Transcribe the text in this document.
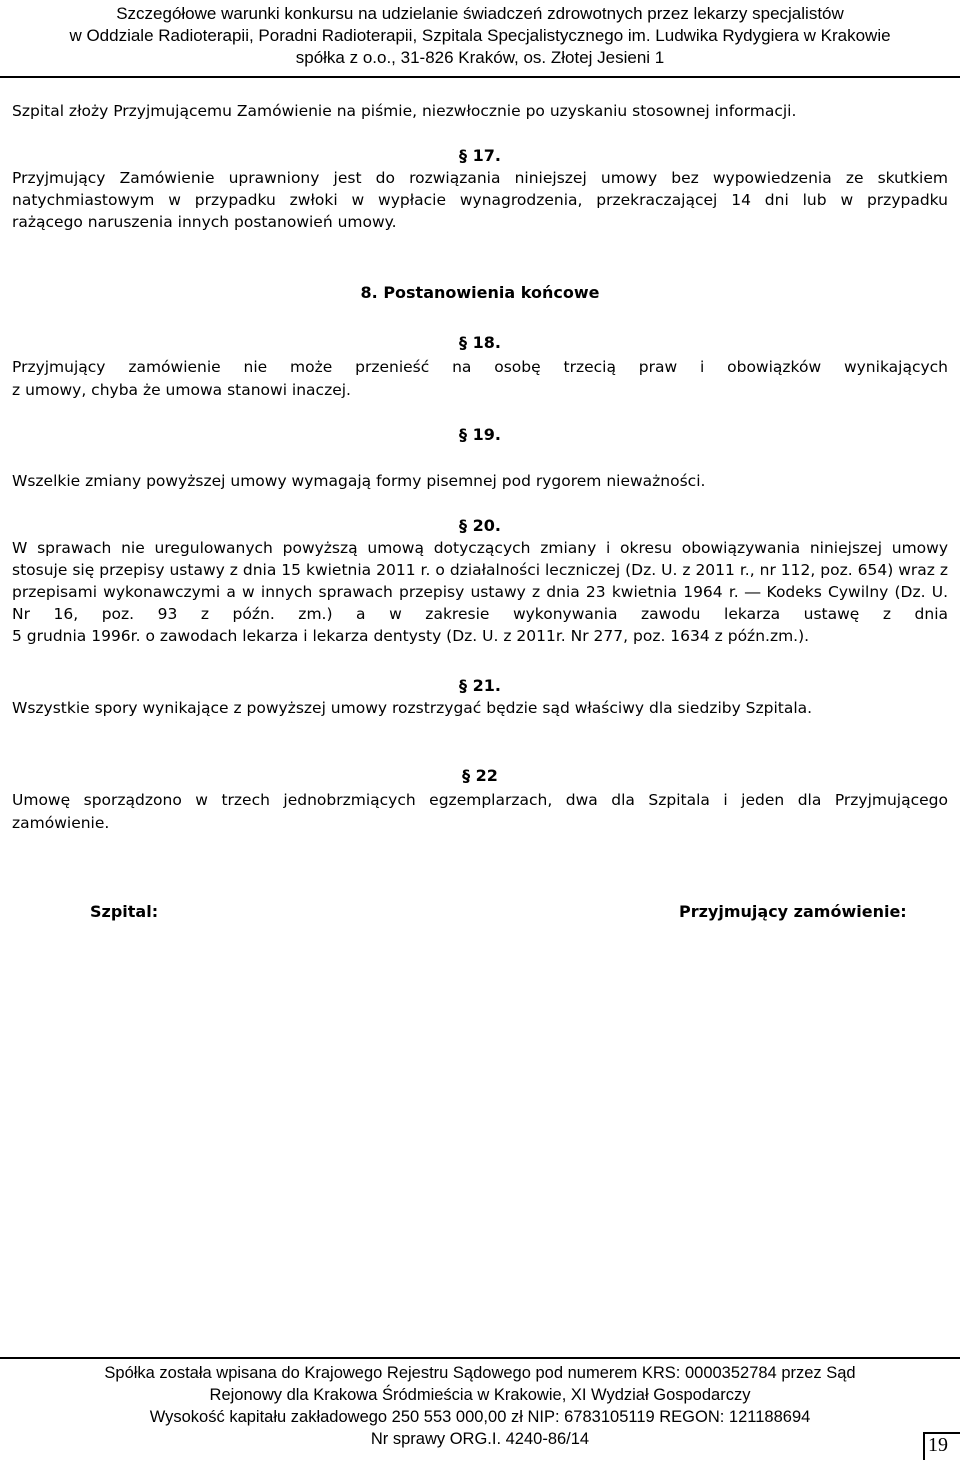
Szczegółowe warunki konkursu na udzielanie świadczeń zdrowotnych przez lekarzy specjalistów
w Oddziale Radioterapii, Poradni Radioterapii, Szpitala Specjalistycznego im. Ludwika Rydygiera w Krakowie
spółka z o.o., 31-826 Kraków, os. Złotej Jesieni 1
Szpital złoży Przyjmującemu Zamówienie na piśmie, niezwłocznie po uzyskaniu stosownej informacji.
§ 17.
Przyjmujący Zamówienie uprawniony jest do rozwiązania niniejszej umowy bez wypowiedzenia ze skutkiem natychmiastowym w przypadku zwłoki w wypłacie wynagrodzenia, przekraczającej 14 dni lub w przypadku
rażącego naruszenia innych postanowień umowy.
8. Postanowienia końcowe
§ 18.
Przyjmujący zamówienie nie może przenieść na osobę trzecią praw i obowiązków wynikających
z umowy, chyba że umowa stanowi inaczej.
§ 19.
Wszelkie zmiany powyższej umowy wymagają formy pisemnej pod rygorem nieważności.
§ 20.
W sprawach nie uregulowanych powyższą umową dotyczących zmiany i okresu obowiązywania niniejszej umowy stosuje się przepisy ustawy z dnia 15 kwietnia 2011 r. o działalności leczniczej (Dz. U. z 2011 r., nr 112, poz. 654) wraz z przepisami wykonawczymi a w innych sprawach przepisy ustawy z dnia 23 kwietnia 1964 r. ― Kodeks Cywilny (Dz. U. Nr 16, poz. 93 z późn. zm.) a w zakresie wykonywania zawodu lekarza ustawę z dnia
5 grudnia 1996r. o zawodach lekarza i lekarza dentysty (Dz. U. z 2011r. Nr 277, poz. 1634 z późn.zm.).
§ 21.
Wszystkie spory wynikające z powyższej umowy rozstrzygać będzie sąd właściwy dla siedziby Szpitala.
§ 22
Umowę sporządzono w trzech jednobrzmiących egzemplarzach, dwa dla Szpitala i jeden dla Przyjmującego
zamówienie.
Szpital:	Przyjmujący zamówienie:
Spółka została wpisana do Krajowego Rejestru Sądowego pod numerem KRS: 0000352784 przez Sąd
Rejonowy dla Krakowa Śródmieścia w Krakowie, XI Wydział Gospodarczy
Wysokość kapitału zakładowego 250 553 000,00 zł NIP: 6783105119 REGON: 121188694
Nr sprawy ORG.I. 4240-86/14	19
